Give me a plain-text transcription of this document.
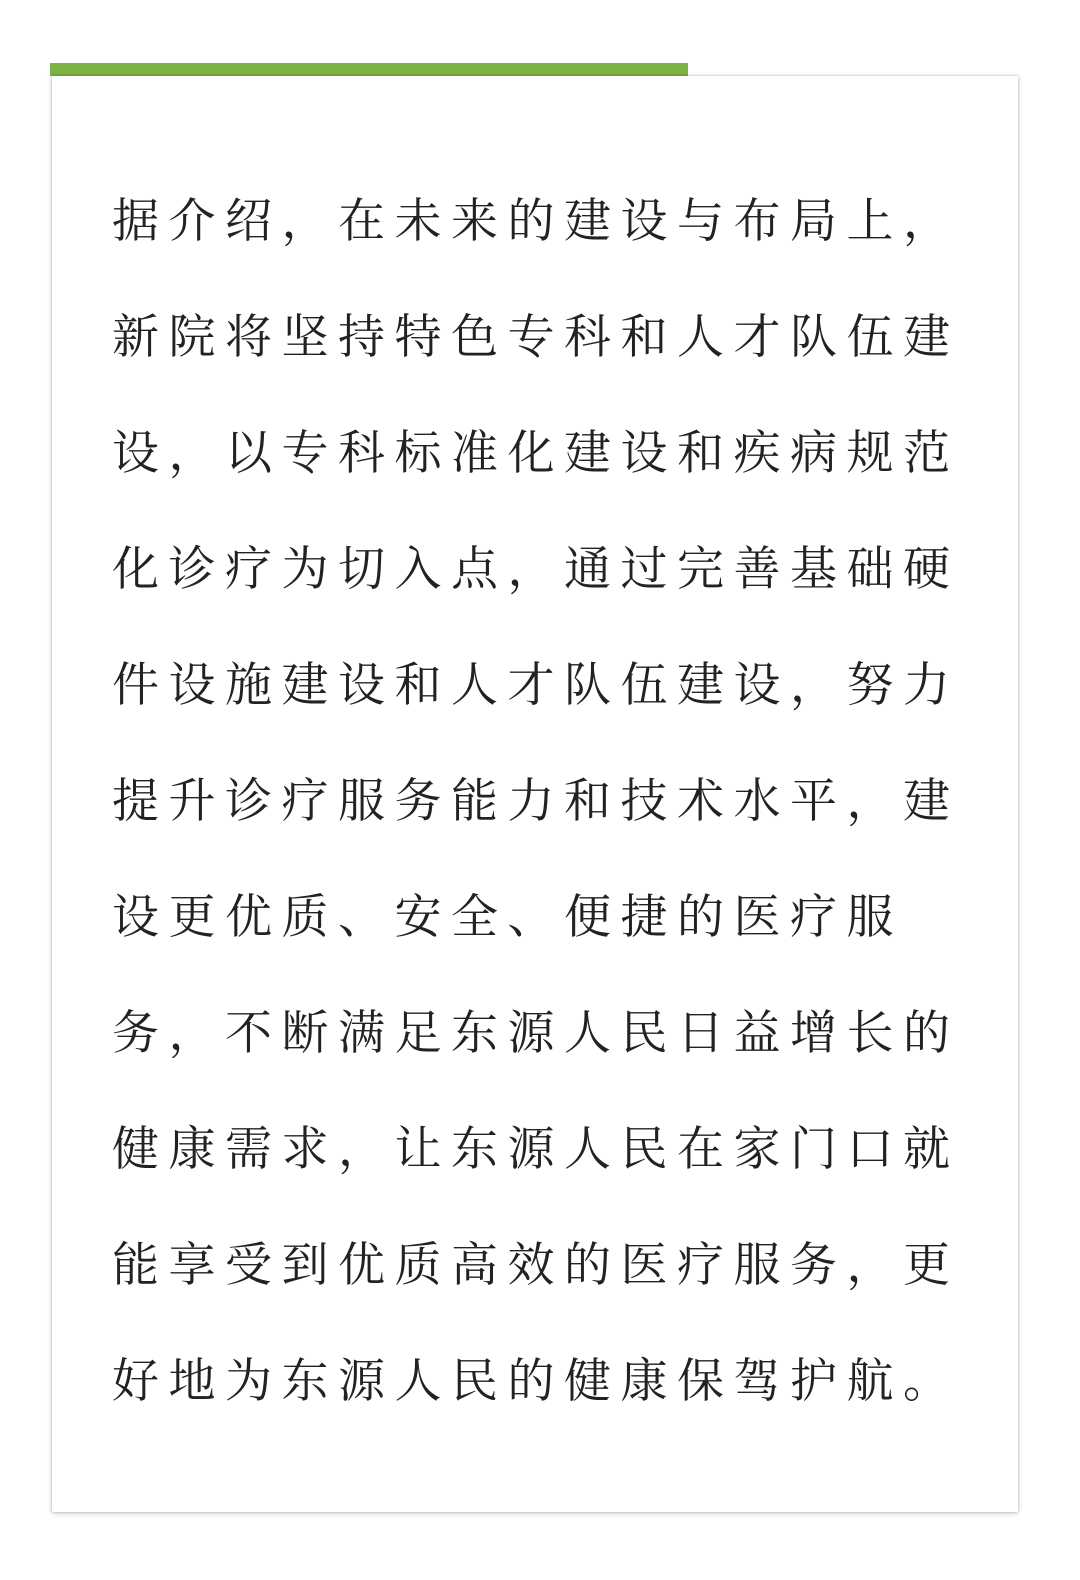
据介绍，在未来的建设与布局上，
新院将坚持特色专科和人才队伍建
设，以专科标准化建设和疾病规范
化诊疗为切入点，通过完善基础硬
件设施建设和人才队伍建设，努力
提升诊疗服务能力和技术水平，建
设更优质、安全、便捷的医疗服
务，不断满足东源人民日益增长的
健康需求，让东源人民在家门口就
能享受到优质高效的医疗服务，更
好地为东源人民的健康保驾护航。
